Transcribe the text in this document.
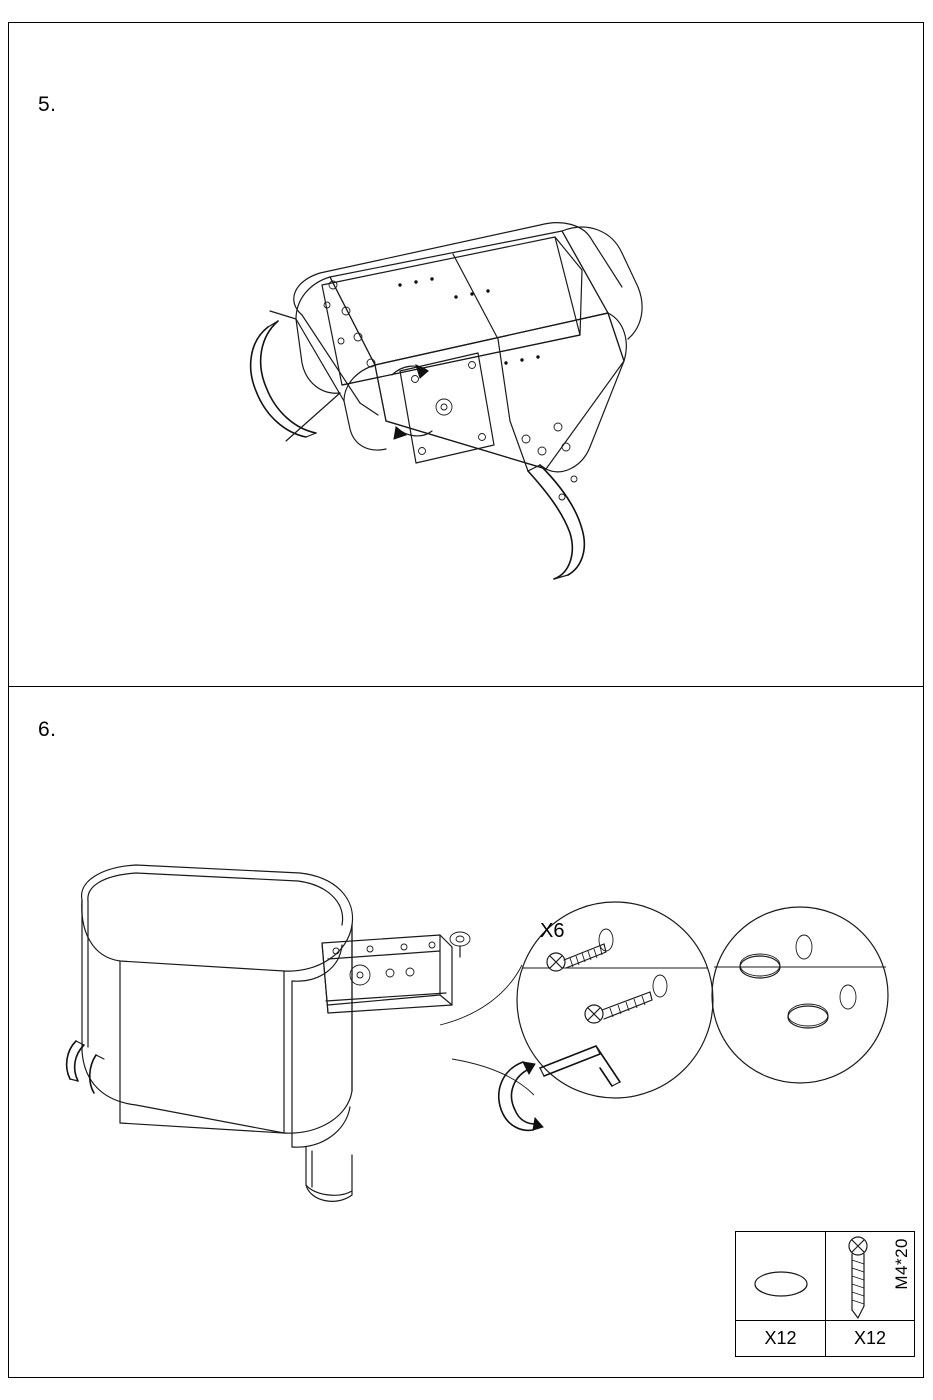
5.
6.
X6
X12
M4*20
X12
